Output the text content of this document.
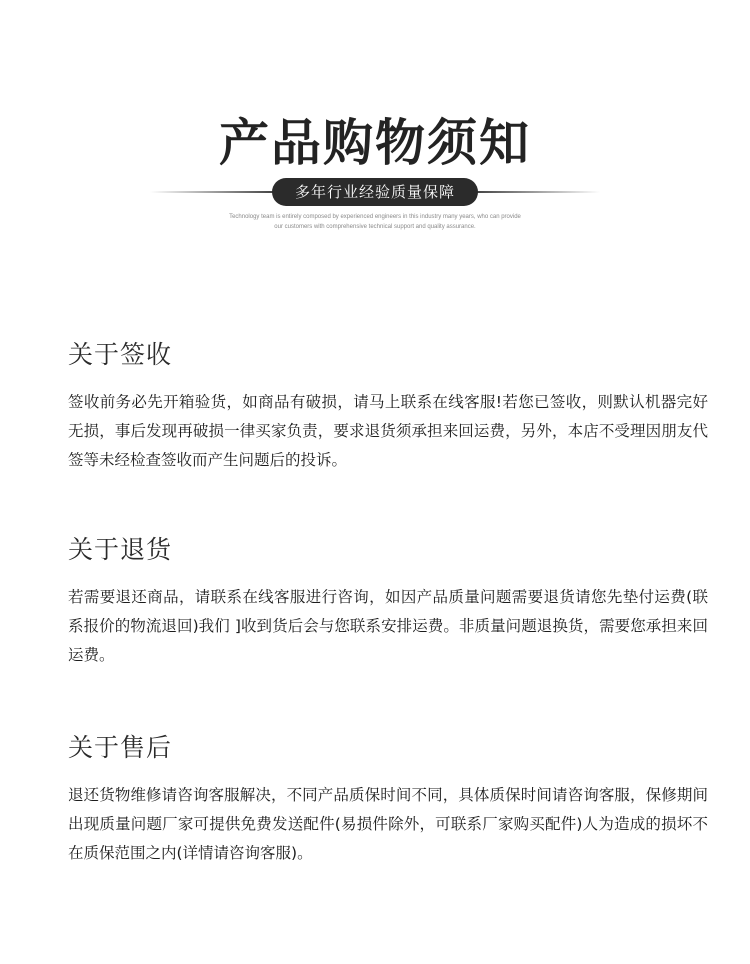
产品购物须知
多年行业经验质量保障
Technology team is entirely composed by experienced engineers in this industry many years, who can provide
our customers with comprehensive technical support and quality assurance.
关于签收

签收前务必先开箱验货，如商品有破损，请马上联系在线客服!若您已签收，则默认机器完好无损，事后发现再破损一律买家负责，要求退货须承担来回运费，另外，本店不受理因朋友代签等未经检查签收而产生问题后的投诉。

关于退货

若需要退还商品，请联系在线客服进行咨询，如因产品质量问题需要退货请您先垫付运费(联系报价的物流退回)我们 ]收到货后会与您联系安排运费。非质量问题退换货，需要您承担来回运费。

关于售后

退还货物维修请咨询客服解决，不同产品质保时间不同，具体质保时间请咨询客服，保修期间出现质量问题厂家可提供免费发送配件(易损件除外，可联系厂家购买配件)人为造成的损坏不在质保范围之内(详情请咨询客服)。
